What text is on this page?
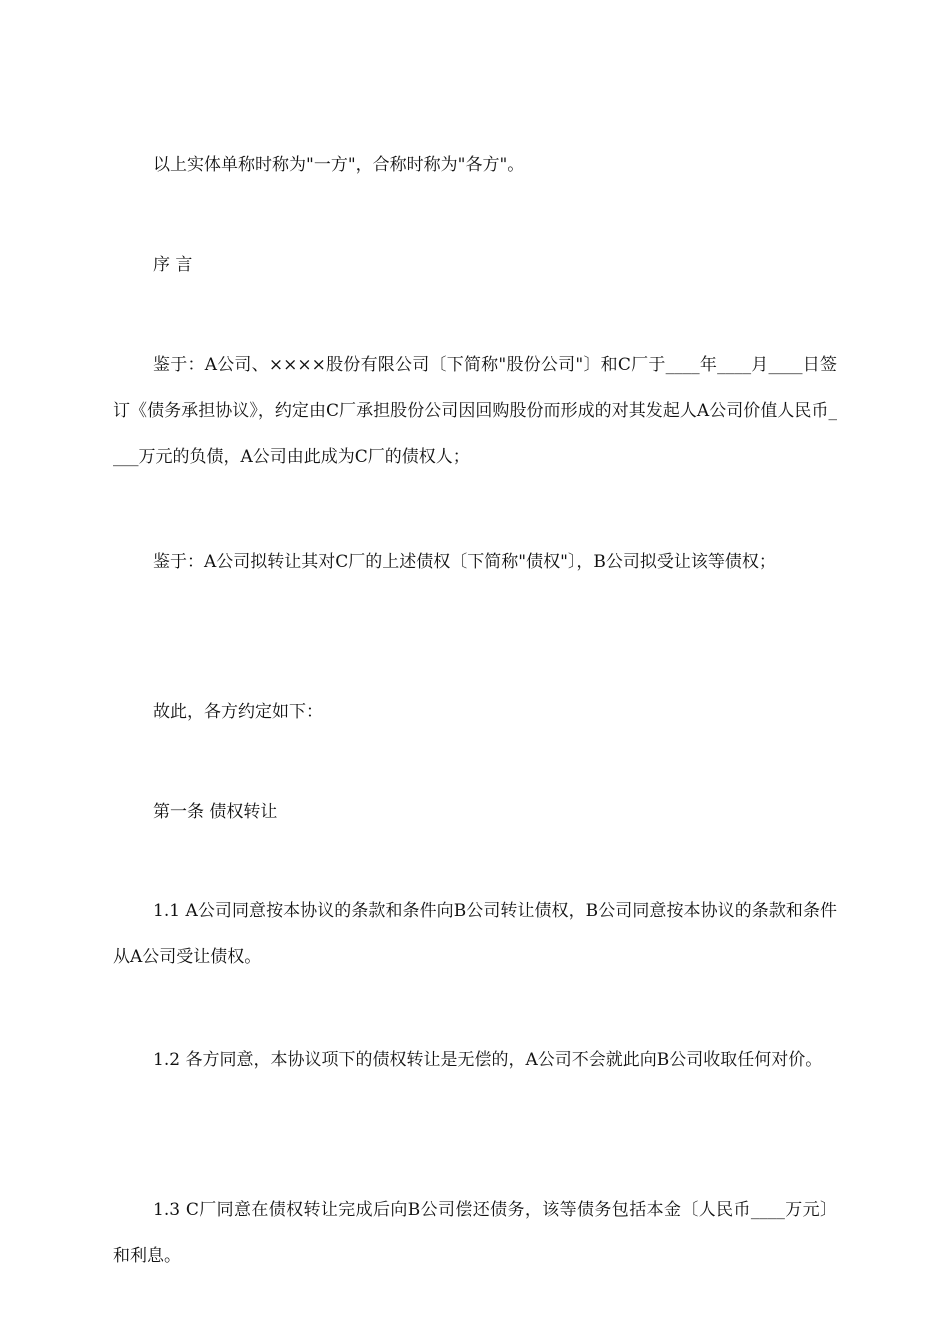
以上实体单称时称为"一方"，合称时称为"各方"。

序 言

鉴于：A公司、××××股份有限公司〔下简称"股份公司"〕和C厂于____年____月____日签订《债务承担协议》，约定由C厂承担股份公司因回购股份而形成的对其发起人A公司价值人民币____万元的负债，A公司由此成为C厂的债权人；

鉴于：A公司拟转让其对C厂的上述债权〔下简称"债权"〕，B公司拟受让该等债权；

故此，各方约定如下：

第一条 债权转让

1.1 A公司同意按本协议的条款和条件向B公司转让债权，B公司同意按本协议的条款和条件从A公司受让债权。

1.2 各方同意，本协议项下的债权转让是无偿的，A公司不会就此向B公司收取任何对价。

1.3 C厂同意在债权转让完成后向B公司偿还债务，该等债务包括本金〔人民币____万元〕和利息。
